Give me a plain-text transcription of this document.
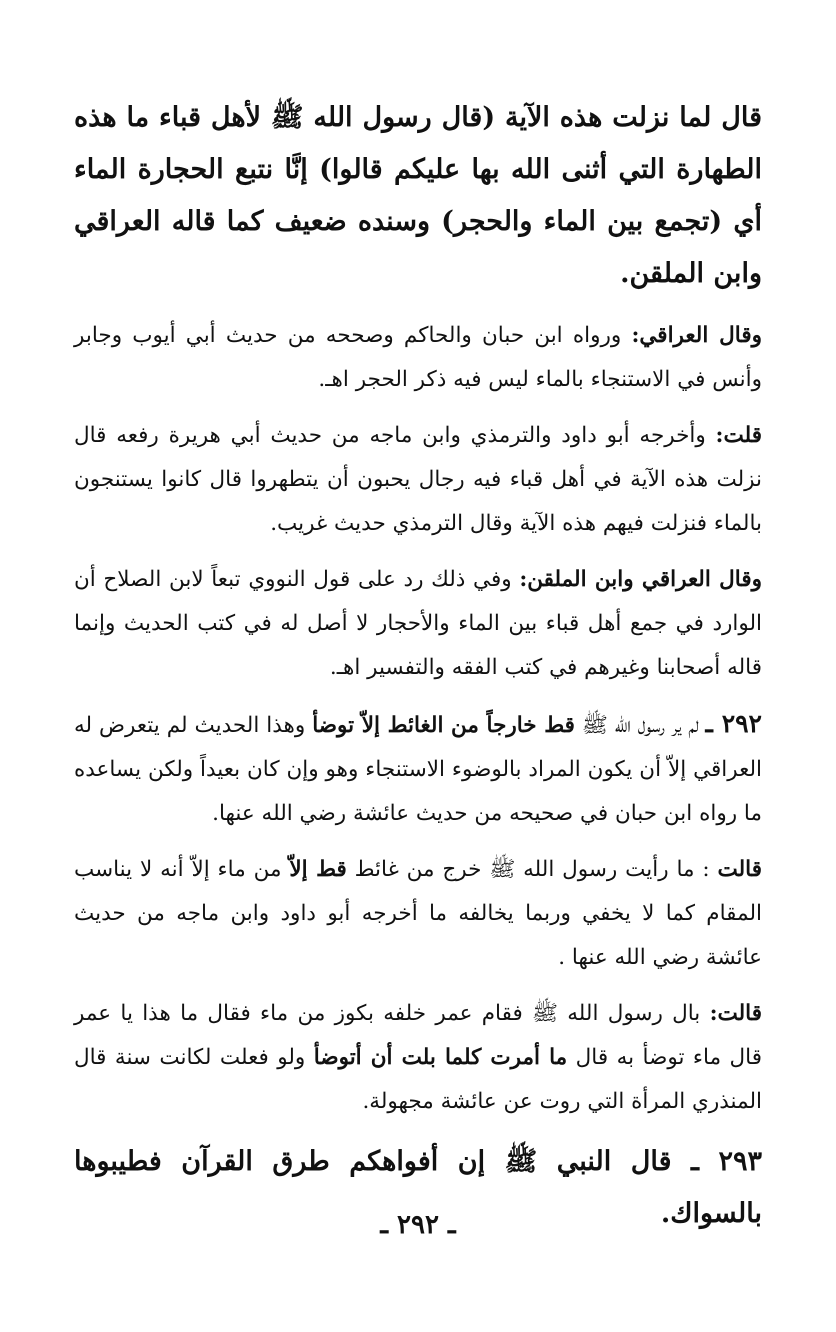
قال لما نزلت هذه الآية (قال رسول الله ﷺ لأهل قباء ما هذه الطهارة التي أثنى الله بها عليكم قالوا) إنَّا نتبع الحجارة الماء أي (تجمع بين الماء والحجر) وسنده ضعيف كما قاله العراقي وابن الملقن.

وقال العراقي: ورواه ابن حبان والحاكم وصححه من حديث أبي أيوب وجابر وأنس في الاستنجاء بالماء ليس فيه ذكر الحجر اهـ.

قلت: وأخرجه أبو داود والترمذي وابن ماجه من حديث أبي هريرة رفعه قال نزلت هذه الآية في أهل قباء فيه رجال يحبون أن يتطهروا قال كانوا يستنجون بالماء فنزلت فيهم هذه الآية وقال الترمذي حديث غريب.

وقال العراقي وابن الملقن: وفي ذلك رد على قول النووي تبعاً لابن الصلاح أن الوارد في جمع أهل قباء بين الماء والأحجار لا أصل له في كتب الحديث وإنما قاله أصحابنا وغيرهم في كتب الفقه والتفسير اهـ.

٢٩٢ ـ لم ير رسول الله ﷺ قط خارجاً من الغائط إلاّ توضأ وهذا الحديث لم يتعرض له العراقي إلاّ أن يكون المراد بالوضوء الاستنجاء وهو وإن كان بعيداً ولكن يساعده ما رواه ابن حبان في صحيحه من حديث عائشة رضي الله عنها.

قالت : ما رأيت رسول الله ﷺ خرج من غائط قط إلاّ من ماء إلاّ أنه لا يناسب المقام كما لا يخفي وربما يخالفه ما أخرجه أبو داود وابن ماجه من حديث عائشة رضي الله عنها .

قالت: بال رسول الله ﷺ فقام عمر خلفه بكوز من ماء فقال ما هذا يا عمر قال ماء توضأ به قال ما أمرت كلما بلت أن أتوضأ ولو فعلت لكانت سنة قال المنذري المرأة التي روت عن عائشة مجهولة.

٢٩٣ ـ قال النبي ﷺ إن أفواهكم طرق القرآن فطيبوها بالسواك.

ـ ٢٩٢ ـ
